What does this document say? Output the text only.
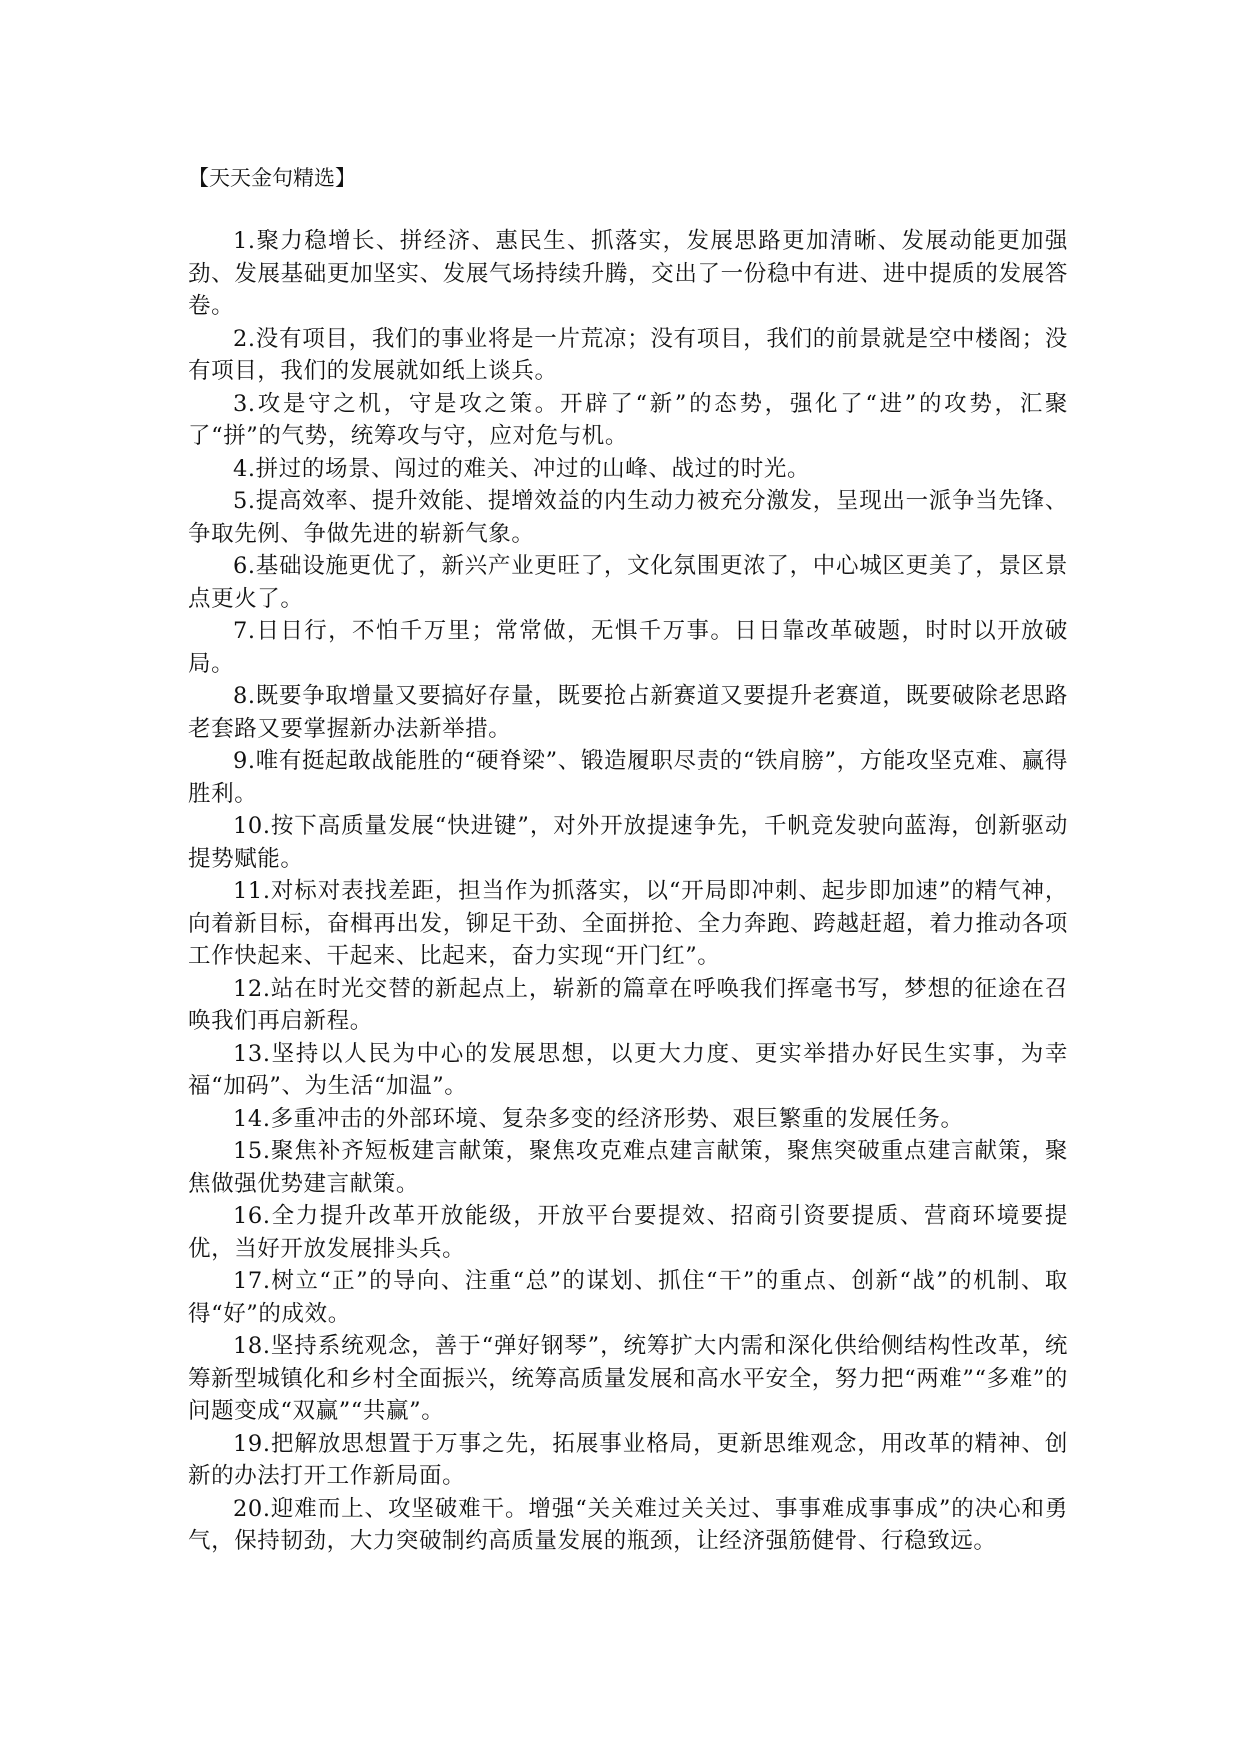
【天天金句精选】

1.聚力稳增长、拼经济、惠民生、抓落实，发展思路更加清晰、发展动能更加强劲、发展基础更加坚实、发展气场持续升腾，交出了一份稳中有进、进中提质的发展答卷。

2.没有项目，我们的事业将是一片荒凉；没有项目，我们的前景就是空中楼阁；没有项目，我们的发展就如纸上谈兵。

3.攻是守之机，守是攻之策。开辟了“新”的态势，强化了“进”的攻势，汇聚了“拼”的气势，统筹攻与守，应对危与机。

4.拼过的场景、闯过的难关、冲过的山峰、战过的时光。

5.提高效率、提升效能、提增效益的内生动力被充分激发，呈现出一派争当先锋、争取先例、争做先进的崭新气象。

6.基础设施更优了，新兴产业更旺了，文化氛围更浓了，中心城区更美了，景区景点更火了。

7.日日行，不怕千万里；常常做，无惧千万事。日日靠改革破题，时时以开放破局。

8.既要争取增量又要搞好存量，既要抢占新赛道又要提升老赛道，既要破除老思路老套路又要掌握新办法新举措。

9.唯有挺起敢战能胜的“硬脊梁”、锻造履职尽责的“铁肩膀”，方能攻坚克难、赢得胜利。

10.按下高质量发展“快进键”，对外开放提速争先，千帆竞发驶向蓝海，创新驱动提势赋能。

11.对标对表找差距，担当作为抓落实，以“开局即冲刺、起步即加速”的精气神，向着新目标，奋楫再出发，铆足干劲、全面拼抢、全力奔跑、跨越赶超，着力推动各项工作快起来、干起来、比起来，奋力实现“开门红”。

12.站在时光交替的新起点上，崭新的篇章在呼唤我们挥毫书写，梦想的征途在召唤我们再启新程。

13.坚持以人民为中心的发展思想，以更大力度、更实举措办好民生实事，为幸福“加码”、为生活“加温”。

14.多重冲击的外部环境、复杂多变的经济形势、艰巨繁重的发展任务。

15.聚焦补齐短板建言献策，聚焦攻克难点建言献策，聚焦突破重点建言献策，聚焦做强优势建言献策。

16.全力提升改革开放能级，开放平台要提效、招商引资要提质、营商环境要提优，当好开放发展排头兵。

17.树立“正”的导向、注重“总”的谋划、抓住“干”的重点、创新“战”的机制、取得“好”的成效。

18.坚持系统观念，善于“弹好钢琴”，统筹扩大内需和深化供给侧结构性改革，统筹新型城镇化和乡村全面振兴，统筹高质量发展和高水平安全，努力把“两难”“多难”的问题变成“双赢”“共赢”。

19.把解放思想置于万事之先，拓展事业格局，更新思维观念，用改革的精神、创新的办法打开工作新局面。

20.迎难而上、攻坚破难干。增强“关关难过关关过、事事难成事事成”的决心和勇气，保持韧劲，大力突破制约高质量发展的瓶颈，让经济强筋健骨、行稳致远。
